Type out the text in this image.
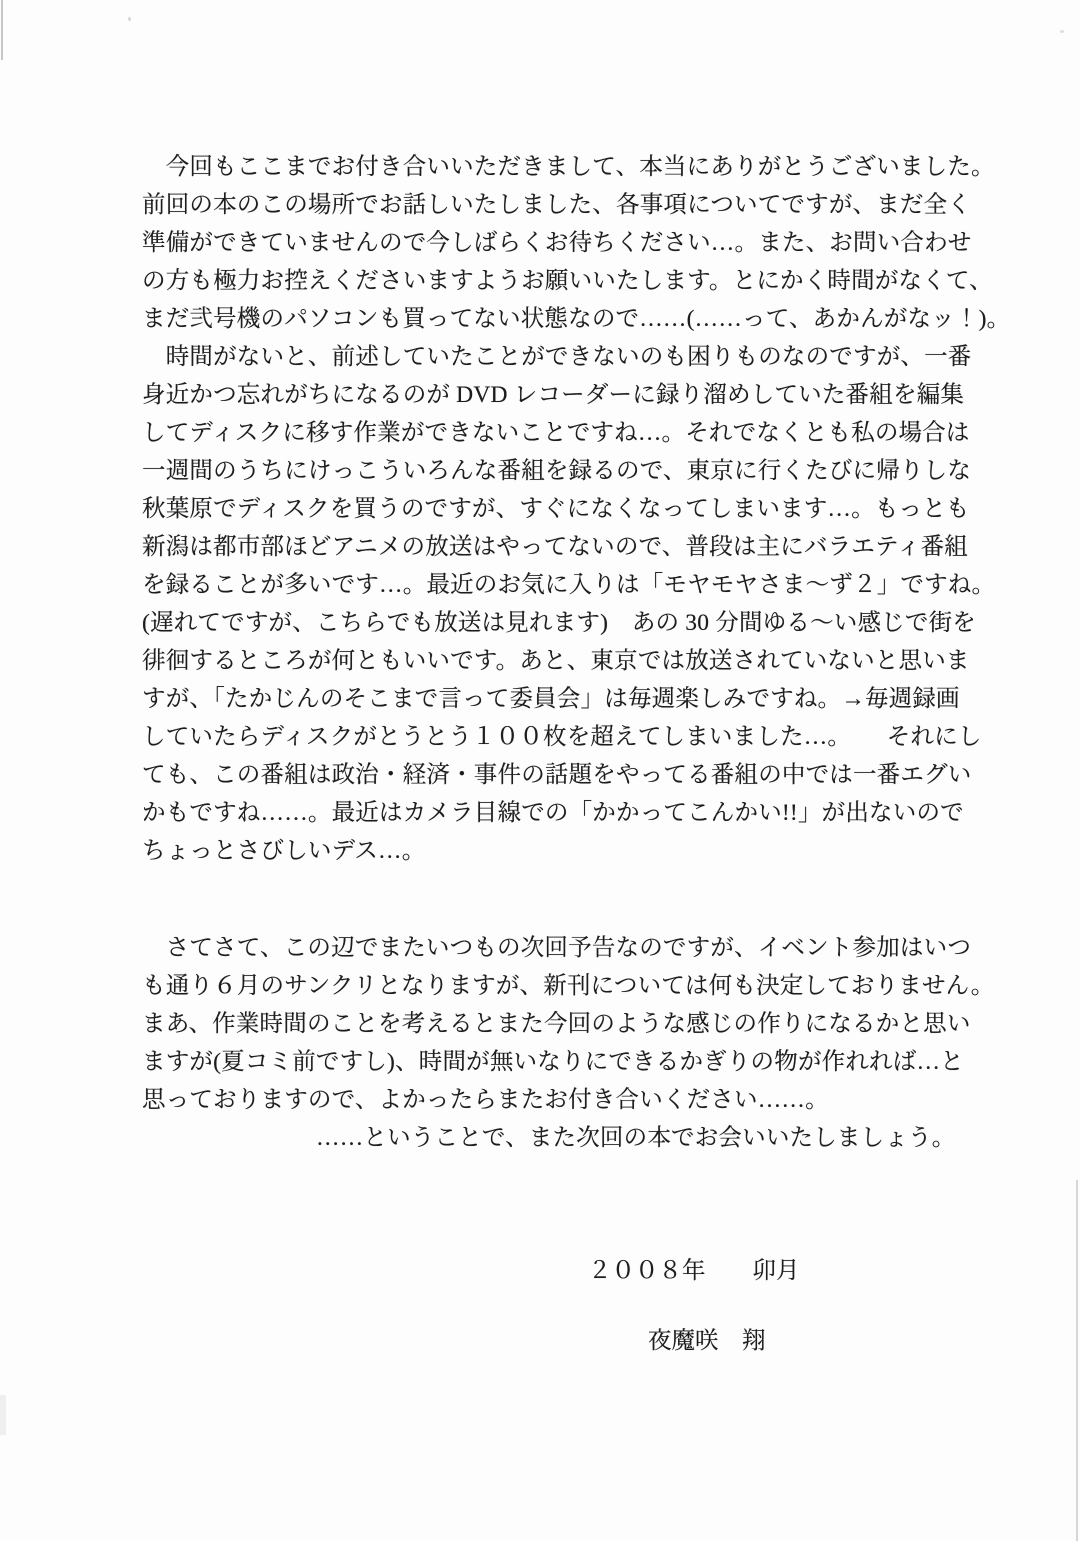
　今回もここまでお付き合いいただきまして、本当にありがとうございました。
前回の本のこの場所でお話しいたしました、各事項についてですが、まだ全く
準備ができていませんので今しばらくお待ちください…。また、お問い合わせ
の方も極力お控えくださいますようお願いいたします。とにかく時間がなくて、
まだ弐号機のパソコンも買ってない状態なので……(……って、あかんがなッ！)。
　時間がないと、前述していたことができないのも困りものなのですが、一番
身近かつ忘れがちになるのが DVD レコーダーに録り溜めしていた番組を編集
してディスクに移す作業ができないことですね…。それでなくとも私の場合は
一週間のうちにけっこういろんな番組を録るので、東京に行くたびに帰りしな
秋葉原でディスクを買うのですが、すぐになくなってしまいます…。もっとも
新潟は都市部ほどアニメの放送はやってないので、普段は主にバラエティ番組
を録ることが多いです…。最近のお気に入りは「モヤモヤさま〜ず２」ですね。
(遅れてですが、こちらでも放送は見れます)　あの 30 分間ゆる〜い感じで街を
徘徊するところが何ともいいです。あと、東京では放送されていないと思いま
すが、「たかじんのそこまで言って委員会」は毎週楽しみですね。→毎週録画
していたらディスクがとうとう１００枚を超えてしまいました…。　　それにし
ても、この番組は政治・経済・事件の話題をやってる番組の中では一番エグい
かもですね……。最近はカメラ目線での「かかってこんかい!!」が出ないので
ちょっとさびしいデス…。
　さてさて、この辺でまたいつもの次回予告なのですが、イベント参加はいつ
も通り６月のサンクリとなりますが、新刊については何も決定しておりません。
まあ、作業時間のことを考えるとまた今回のような感じの作りになるかと思い
ますが(夏コミ前ですし)、時間が無いなりにできるかぎりの物が作れれば…と
思っておりますので、よかったらまたお付き合いください……。
……ということで、また次回の本でお会いいたしましょう。
２００８年　　卯月
夜魔咲　翔
